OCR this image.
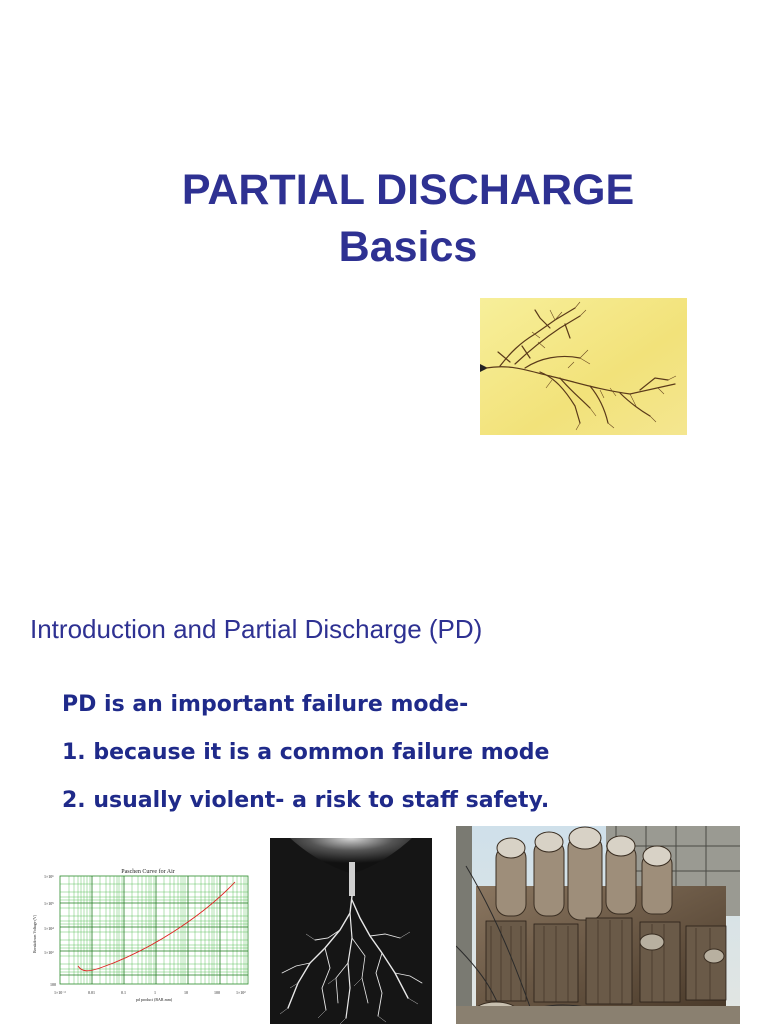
PARTIAL DISCHARGE
Basics
Introduction and Partial Discharge (PD)
PD is an important failure mode-
1. because it is a common failure mode
2. usually violent- a risk to staff safety.
Paschen Curve for Air
1×10⁶
1×10⁵
1×10⁴
1×10³
100
1×10⁻³	0.01	0.1	1	10	100	1×10³
pd product (BAR.mm)
Breakdown Voltage (V)
